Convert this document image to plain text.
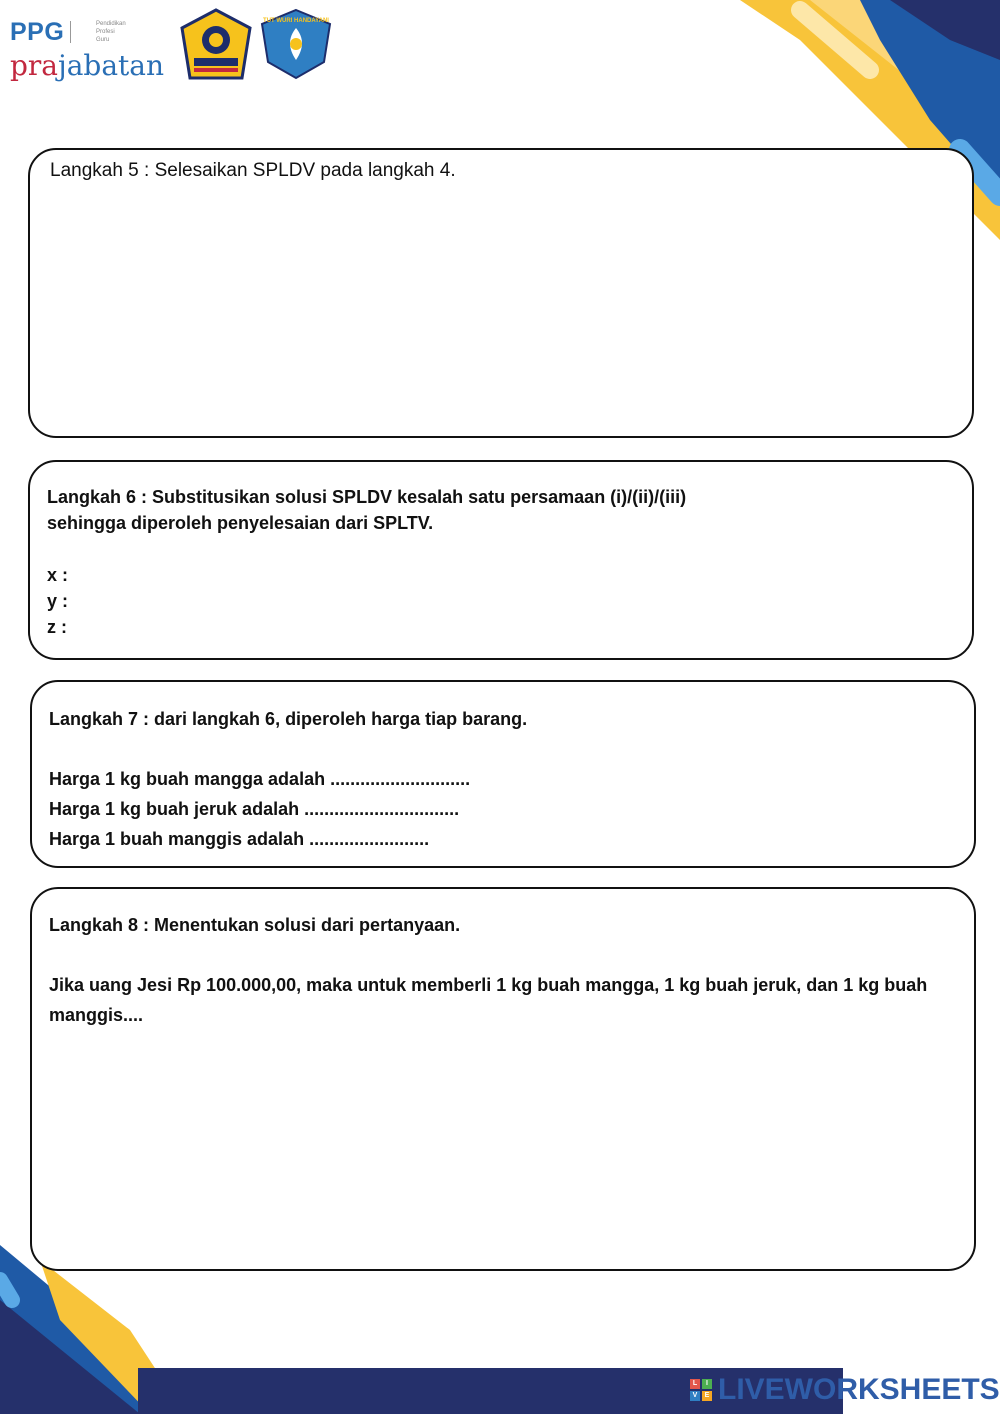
PPG	Pendidikan
Profesi
Guru
prajabatan
TUT WURI HANDAYANI
Langkah 5 : Selesaikan SPLDV pada langkah 4.

Langkah 6 : Substitusikan solusi SPLDV kesalah satu persamaan (i)/(ii)/(iii)

sehingga diperoleh penyelesaian dari SPLTV.

x :

y :

z :

Langkah 7 : dari langkah 6, diperoleh harga tiap barang.

Harga 1 kg buah mangga adalah ............................

Harga 1 kg buah jeruk adalah ...............................

Harga 1 buah manggis adalah ........................

Langkah 8 : Menentukan solusi dari pertanyaan.

Jika uang Jesi Rp 100.000,00, maka untuk memberli 1 kg buah mangga, 1 kg buah jeruk, dan 1 kg buah manggis....

L	I
V	E LIVEWORKSHEETS
